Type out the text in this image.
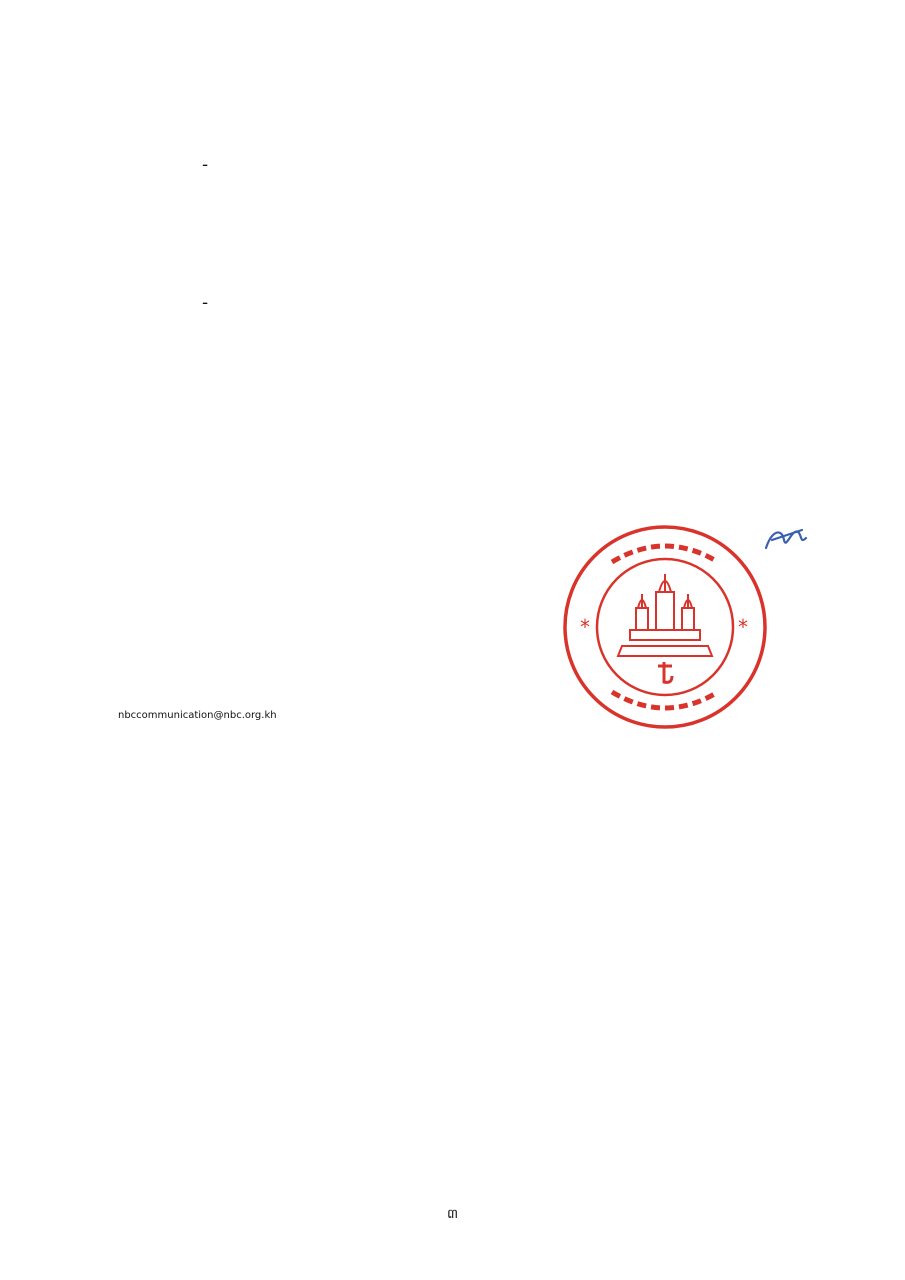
-
-

*	*
nbccommunication@nbc.org.kh
៣
